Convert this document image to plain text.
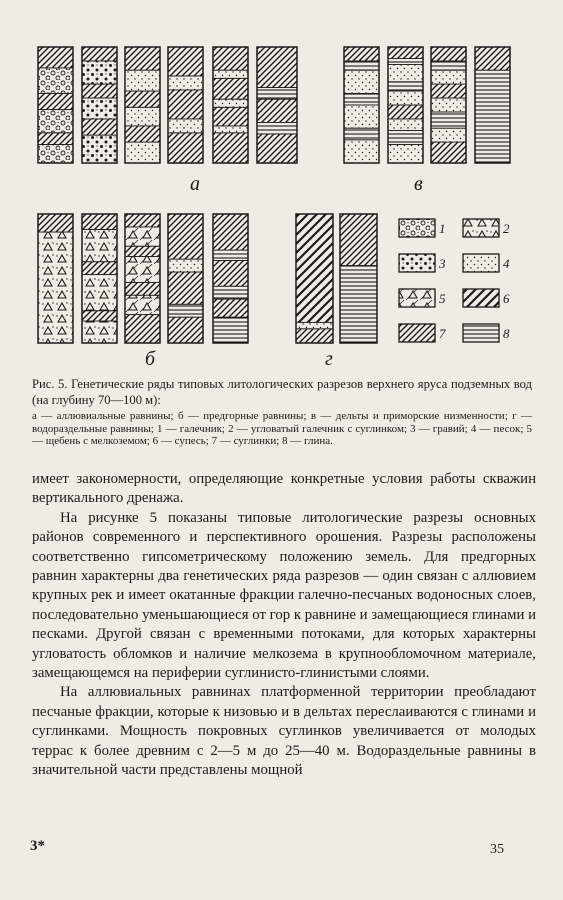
а	в
б	г
1	2
3	4
5	6
7	8
Рис. 5. Генетические ряды типовых литологических разрезов верхнего яруса подземных вод (на глубину 70—100 м):
а — аллювиальные равнины; б — предгорные равнины; в — дельты и приморские низменности; г — водораздельные равнины; 1 — галечник; 2 — угловатый галечник с суглинком; 3 — гравий; 4 — песок; 5 — щебень с мелкоземом; 6 — супесь; 7 — суглинки; 8 — глина.

имеет закономерности, определяющие конкретные условия работы скважин вертикального дренажа.

На рисунке 5 показаны типовые литологические разрезы основных районов современного и перспективного орошения. Разрезы расположены соответственно гипсометрическому положению земель. Для предгорных равнин характерны два генетических ряда разрезов — один связан с аллювием крупных рек и имеет окатанные фракции галечно-песчаных водоносных слоев, последовательно уменьшающиеся от гор к равнине и замещающиеся глинами и песками. Другой связан с временными потоками, для которых характерны угловатость обломков и наличие мелкозема в крупнообломочном материале, замещающемся на периферии суглинисто-глинистыми слоями.

На аллювиальных равнинах платформенной территории преобладают песчаные фракции, которые к низовью и в дельтах переслаиваются с глинами и суглинками. Мощность покровных суглинков увеличивается от молодых террас к более древним с 2—5 м до 25—40 м. Водораздельные равнины в значительной части представлены мощной

3*	35
